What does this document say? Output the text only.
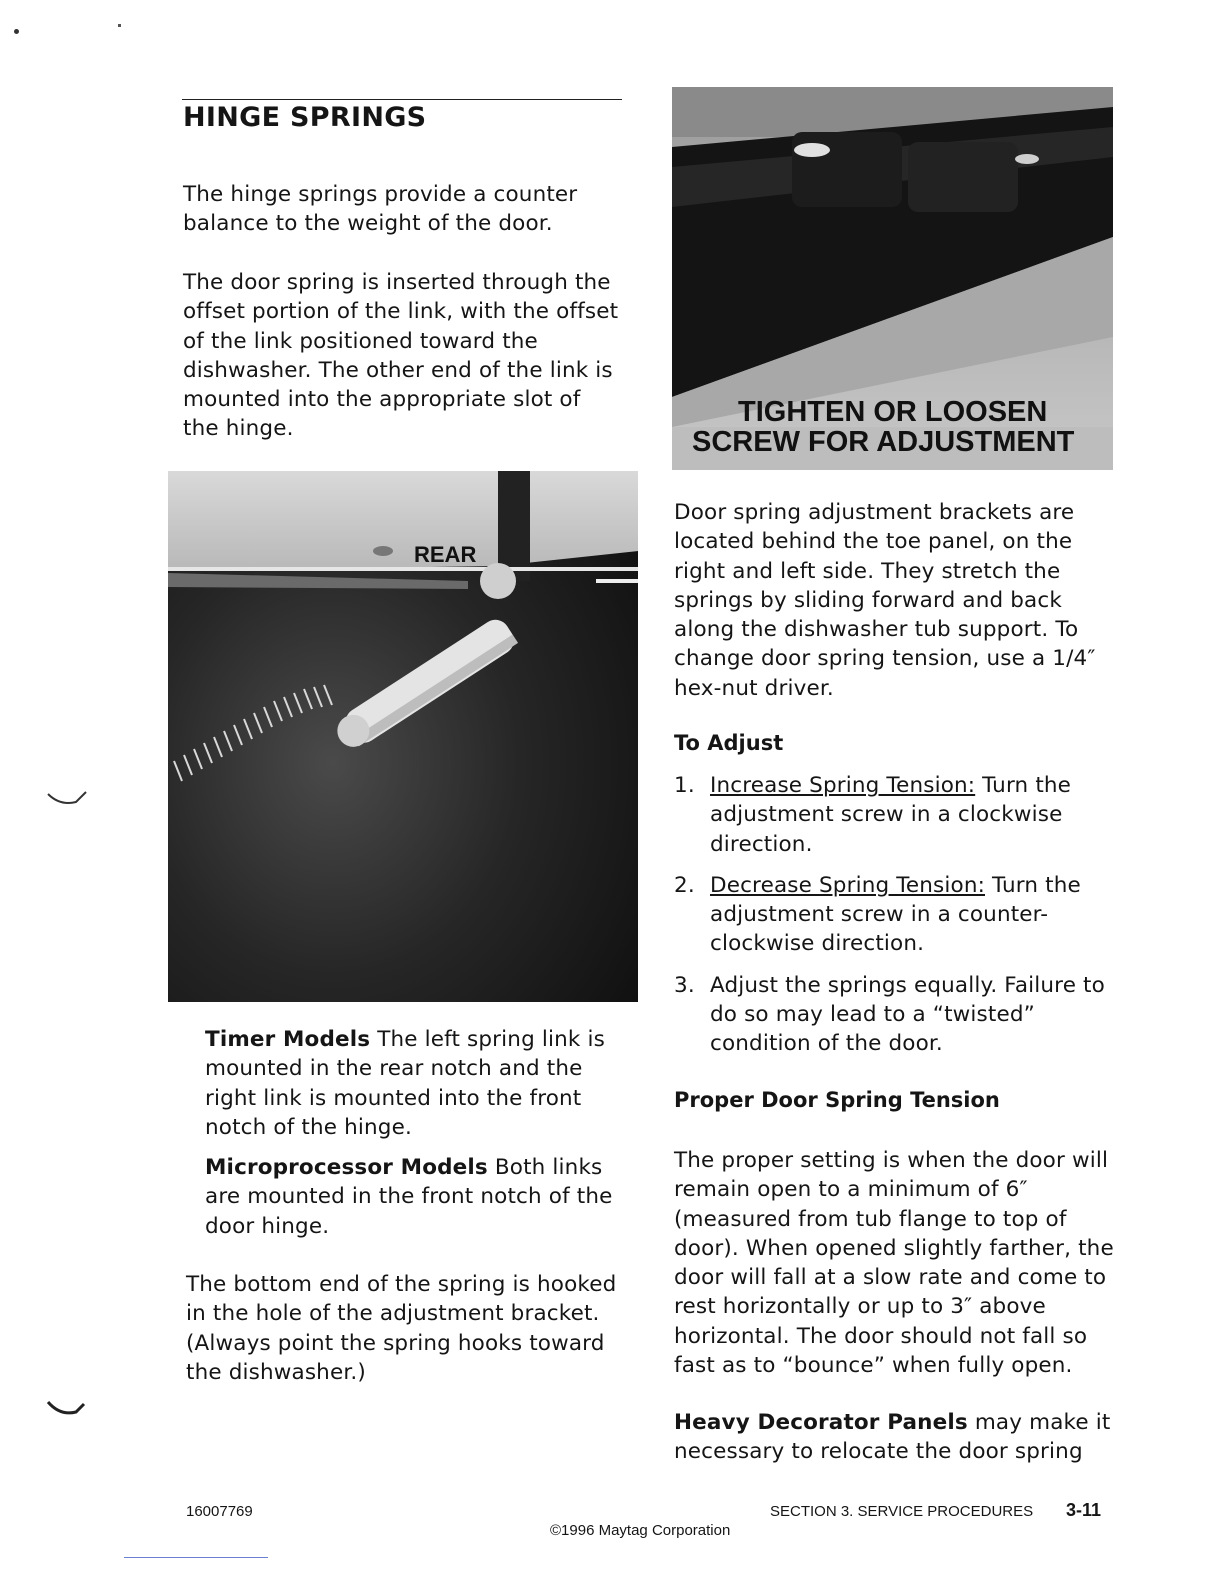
HINGE SPRINGS

The hinge springs provide a counter balance to the weight of the door.

The door spring is inserted through the offset portion of the link, with the offset of the link positioned toward the dishwasher. The other end of the link is mounted into the appropriate slot of the hinge.

REAR
Timer Models The left spring link is mounted in the rear notch and the right link is mounted into the front notch of the hinge.
Microprocessor Models Both links are mounted in the front notch of the door hinge.

The bottom end of the spring is hooked in the hole of the adjustment bracket. (Always point the spring hooks toward the dishwasher.)

TIGHTEN OR LOOSEN
SCREW FOR ADJUSTMENT

Door spring adjustment brackets are located behind the toe panel, on the right and left side. They stretch the springs by sliding forward and back along the dishwasher tub support. To change door spring tension, use a 1/4″ hex-nut driver.

To Adjust
1. Increase Spring Tension: Turn the adjustment screw in a clockwise direction.
2. Decrease Spring Tension: Turn the adjustment screw in a counter-clockwise direction.
3. Adjust the springs equally. Failure to do so may lead to a “twisted” condition of the door.
Proper Door Spring Tension

The proper setting is when the door will remain open to a minimum of 6″ (measured from tub flange to top of door). When opened slightly farther, the door will fall at a slow rate and come to rest horizontally or up to 3″ above horizontal. The door should not fall so fast as to “bounce” when fully open.

Heavy Decorator Panels may make it necessary to relocate the door spring
16007769	SECTION 3. SERVICE PROCEDURES 3-11
©1996 Maytag Corporation
